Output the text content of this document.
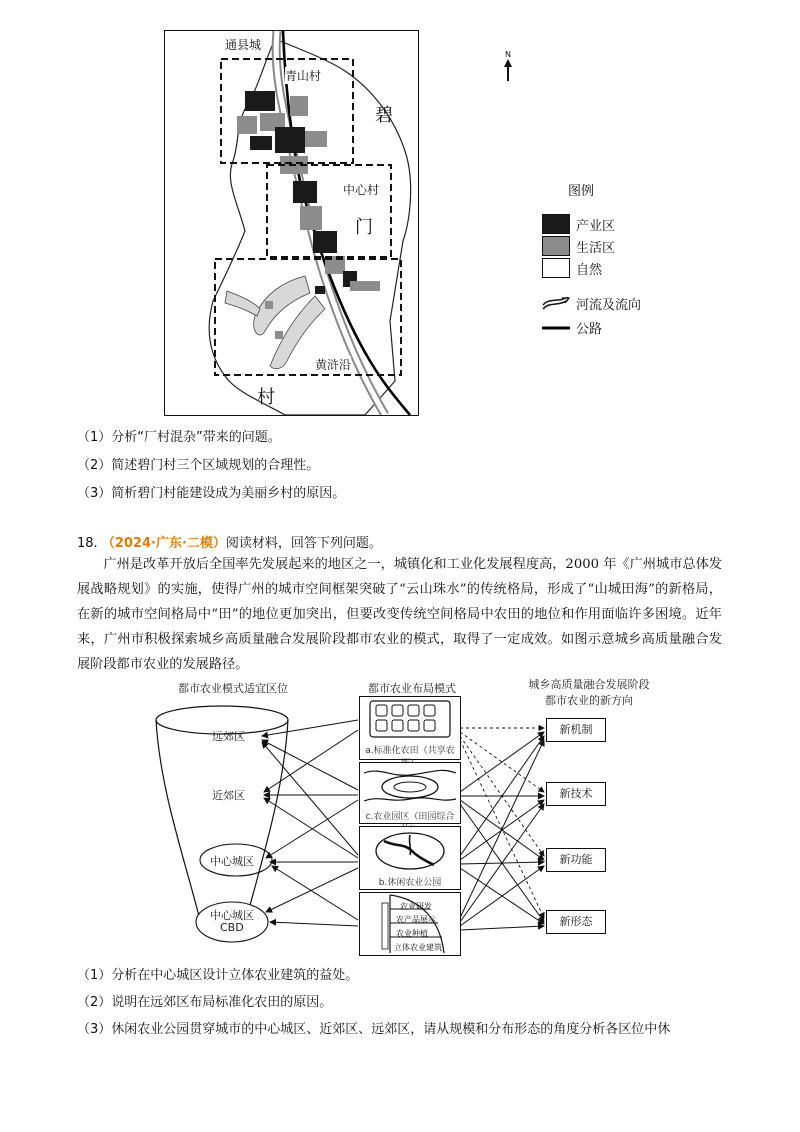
通县城
青山村
碧
中心村
门
黄浒沿
村
N
图例
产业区
生活区
自然
河流及流向
公路
（1）分析“厂村混杂”带来的问题。
（2）简述碧门村三个区域规划的合理性。
（3）简析碧门村能建设成为美丽乡村的原因。
18. （2024·广东·二模）阅读材料，回答下列问题。
广州是改革开放后全国率先发展起来的地区之一，城镇化和工业化发展程度高，2000 年《广州城市总体发展战略规划》的实施，使得广州的城市空间框架突破了“云山珠水”的传统格局，形成了“山城田海”的新格局，在新的城市空间格局中“田”的地位更加突出，但要改变传统空间格局中农田的地位和作用面临许多困境。近年来，广州市积极探索城乡高质量融合发展阶段都市农业的模式，取得了一定成效。如图示意城乡高质量融合发展阶段都市农业的发展路径。
都市农业模式适宜区位	都市农业布局模式	城乡高质量融合发展阶段
都市农业的新方向
远郊区
近郊区
中心城区
中心城区
CBD
a.标准化农田（共享农
c.农业园区（田园综合
b.休闲农业公园
农业研发
农产品展示
农业种植
立体农业建筑
新机制
新技术
新功能
新形态
（1）分析在中心城区设计立体农业建筑的益处。
（2）说明在远郊区布局标准化农田的原因。
（3）休闲农业公园贯穿城市的中心城区、近郊区、远郊区，请从规模和分布形态的角度分析各区位中休
